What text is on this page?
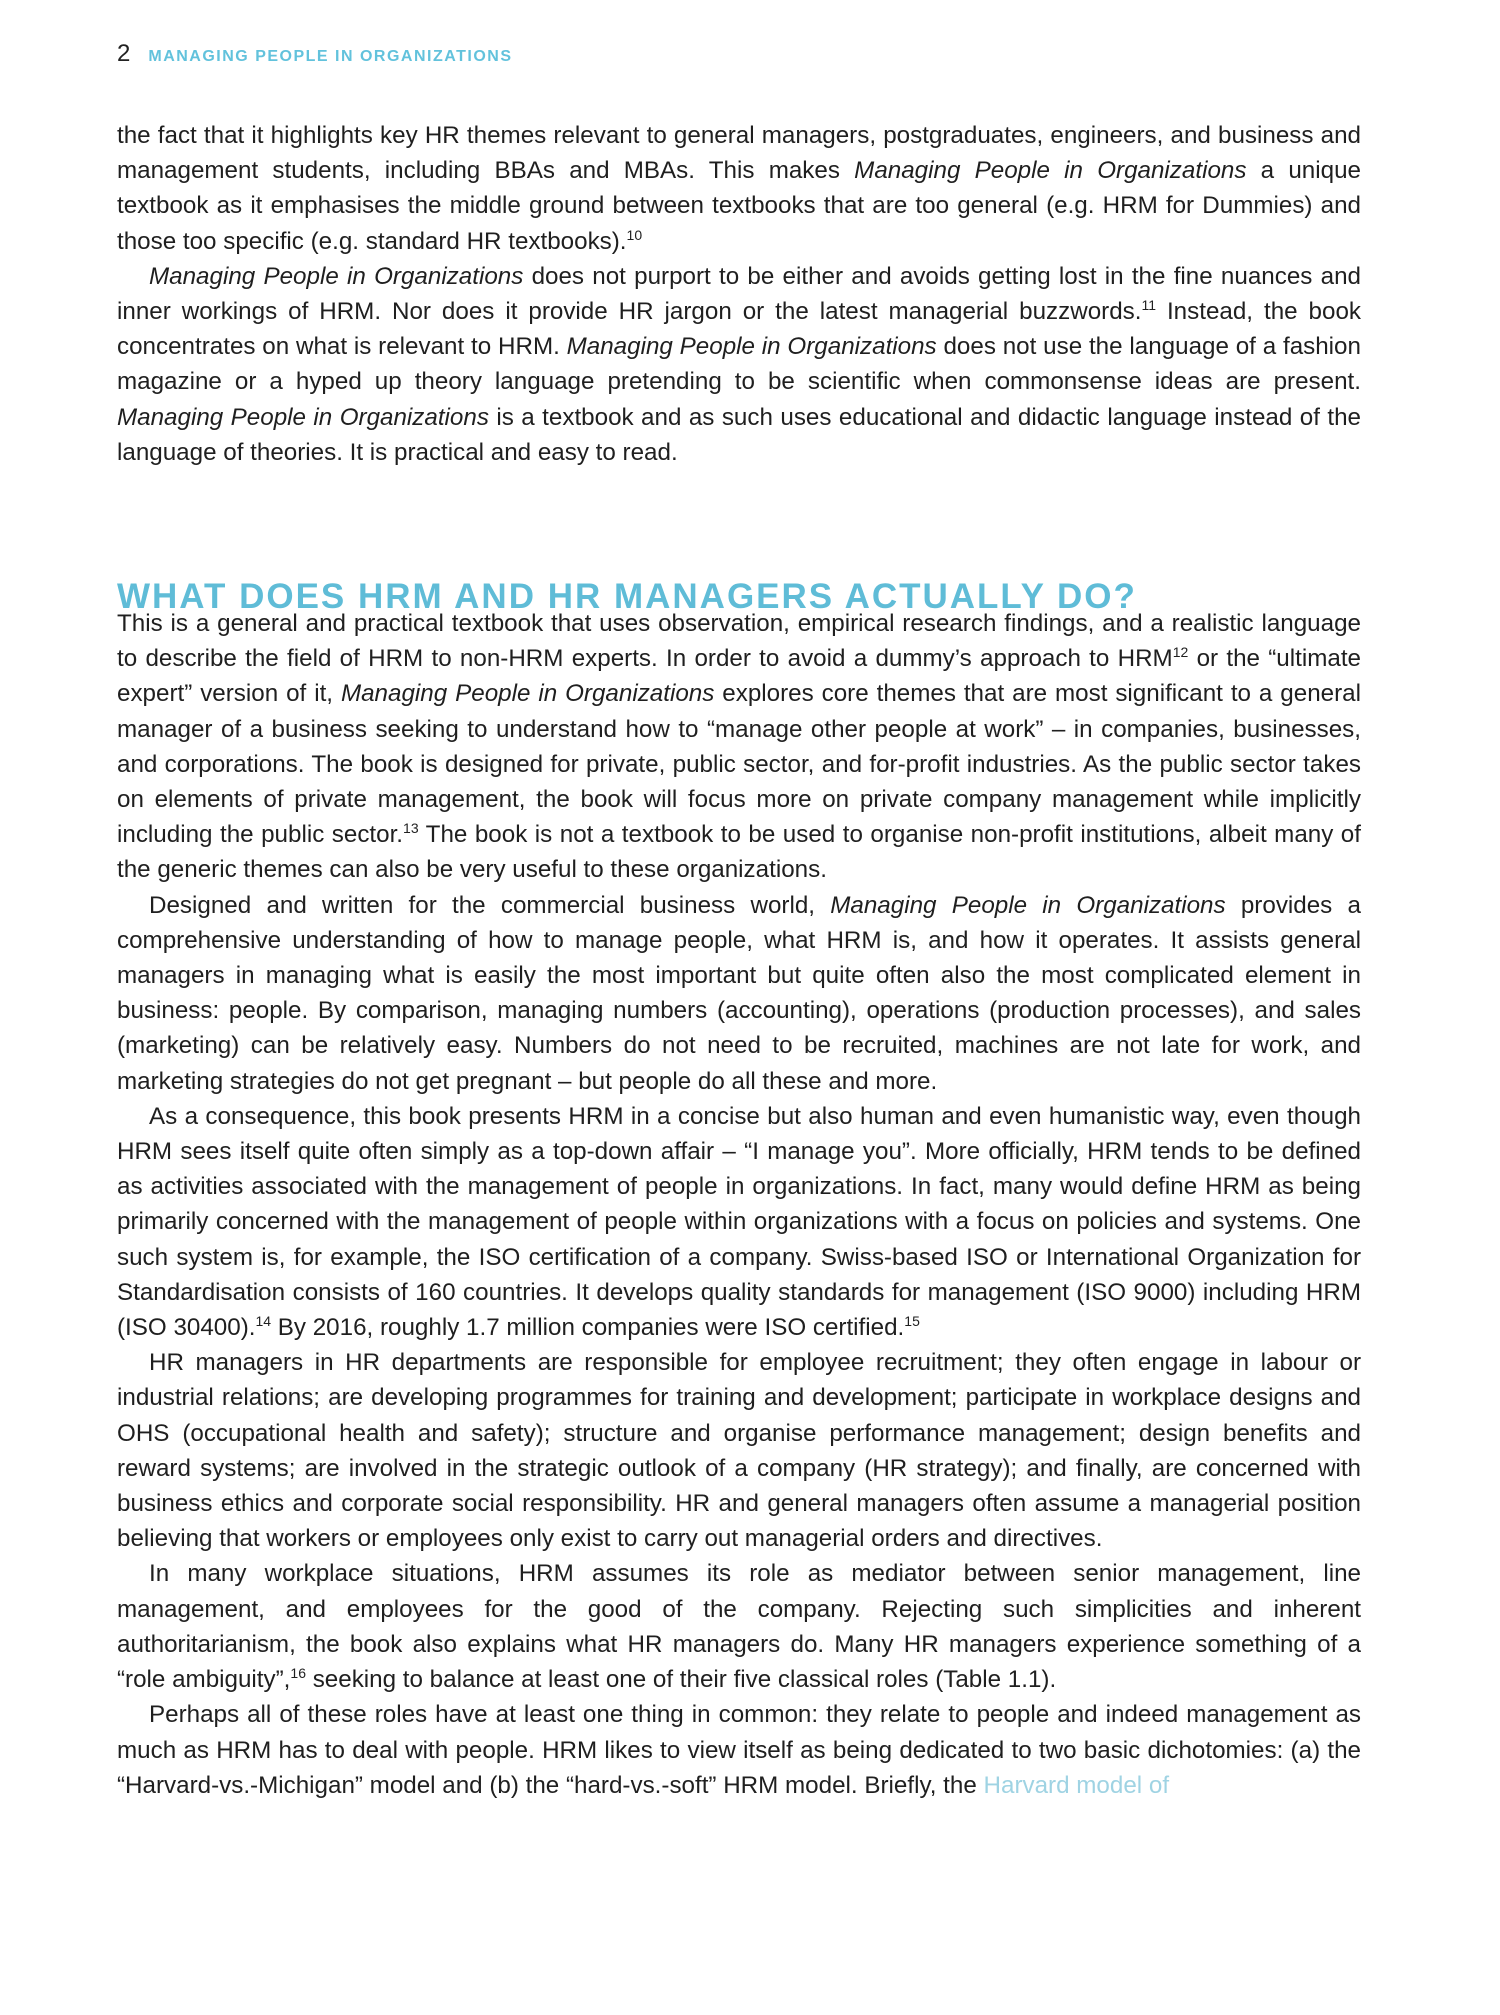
2 MANAGING PEOPLE IN ORGANIZATIONS

the fact that it highlights key HR themes relevant to general managers, postgraduates, engineers, and business and management students, including BBAs and MBAs. This makes Managing People in Organizations a unique textbook as it emphasises the middle ground between textbooks that are too general (e.g. HRM for Dummies) and those too specific (e.g. standard HR textbooks).$^{10}$

Managing People in Organizations does not purport to be either and avoids getting lost in the fine nuances and inner workings of HRM. Nor does it provide HR jargon or the latest managerial buzzwords.$^{11}$ Instead, the book concentrates on what is relevant to HRM. Managing People in Organizations does not use the language of a fashion magazine or a hyped up theory language pretending to be scientific when commonsense ideas are present. Managing People in Organizations is a textbook and as such uses educational and didactic language instead of the language of theories. It is practical and easy to read.

WHAT DOES HRM AND HR MANAGERS ACTUALLY DO?

This is a general and practical textbook that uses observation, empirical research findings, and a realistic language to describe the field of HRM to non-HRM experts. In order to avoid a dummy’s approach to HRM$^{12}$ or the “ultimate expert” version of it, Managing People in Organizations explores core themes that are most significant to a general manager of a business seeking to understand how to “manage other people at work” – in companies, businesses, and corporations. The book is designed for private, public sector, and for-profit industries. As the public sector takes on elements of private management, the book will focus more on private company management while implicitly including the public sector.$^{13}$ The book is not a textbook to be used to organise non-profit institutions, albeit many of the generic themes can also be very useful to these organizations.

Designed and written for the commercial business world, Managing People in Organizations provides a comprehensive understanding of how to manage people, what HRM is, and how it operates. It assists general managers in managing what is easily the most important but quite often also the most complicated element in business: people. By comparison, managing numbers (accounting), operations (production processes), and sales (marketing) can be relatively easy. Numbers do not need to be recruited, machines are not late for work, and marketing strategies do not get pregnant – but people do all these and more.

As a consequence, this book presents HRM in a concise but also human and even humanistic way, even though HRM sees itself quite often simply as a top-down affair – “I manage you”. More officially, HRM tends to be defined as activities associated with the management of people in organizations. In fact, many would define HRM as being primarily concerned with the management of people within organizations with a focus on policies and systems. One such system is, for example, the ISO certification of a company. Swiss-based ISO or International Organization for Standardisation consists of 160 countries. It develops quality standards for management (ISO 9000) including HRM (ISO 30400).$^{14}$ By 2016, roughly 1.7 million companies were ISO certified.$^{15}$

HR managers in HR departments are responsible for employee recruitment; they often engage in labour or industrial relations; are developing programmes for training and development; participate in workplace designs and OHS (occupational health and safety); structure and organise performance management; design benefits and reward systems; are involved in the strategic outlook of a company (HR strategy); and finally, are concerned with business ethics and corporate social responsibility. HR and general managers often assume a managerial position believing that workers or employees only exist to carry out managerial orders and directives.

In many workplace situations, HRM assumes its role as mediator between senior management, line management, and employees for the good of the company. Rejecting such simplicities and inherent authoritarianism, the book also explains what HR managers do. Many HR managers experience something of a “role ambiguity”,$^{16}$ seeking to balance at least one of their five classical roles (Table 1.1).

Perhaps all of these roles have at least one thing in common: they relate to people and indeed management as much as HRM has to deal with people. HRM likes to view itself as being dedicated to two basic dichotomies: (a) the “Harvard-vs.-Michigan” model and (b) the “hard-vs.-soft” HRM model. Briefly, the Harvard model of
